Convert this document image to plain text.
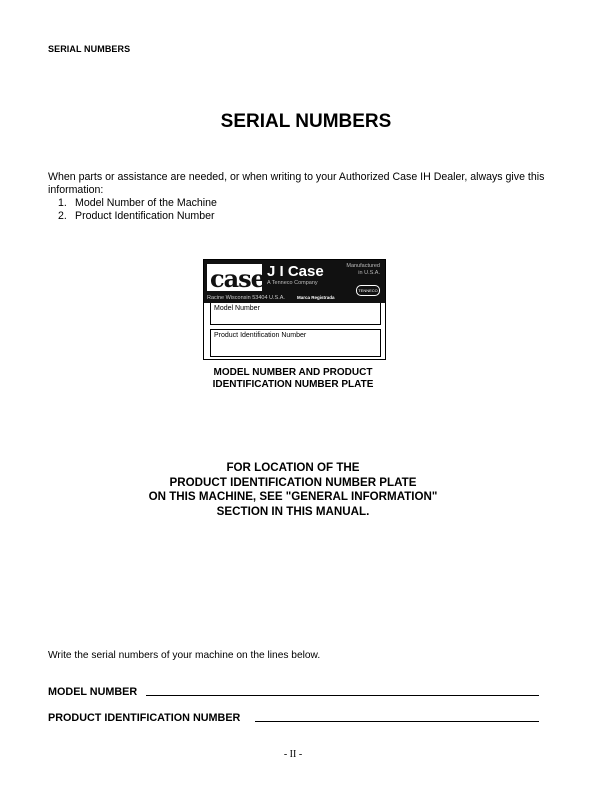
SERIAL NUMBERS
SERIAL NUMBERS
When parts or assistance are needed, or when writing to your Authorized Case IH Dealer, always give this information:
1. Model Number of the Machine
2. Product Identification Number
case J I Case
A Tenneco Company
Manufactured
in U.S.A.
TENNECO
Racine Wisconsin 53404 U.S.A.	Marca Registrada
Model Number
Product Identification Number
MODEL NUMBER AND PRODUCT
IDENTIFICATION NUMBER PLATE
FOR LOCATION OF THE
PRODUCT IDENTIFICATION NUMBER PLATE
ON THIS MACHINE, SEE "GENERAL INFORMATION"
SECTION IN THIS MANUAL.
Write the serial numbers of your machine on the lines below.
MODEL NUMBER
PRODUCT IDENTIFICATION NUMBER
- II -
